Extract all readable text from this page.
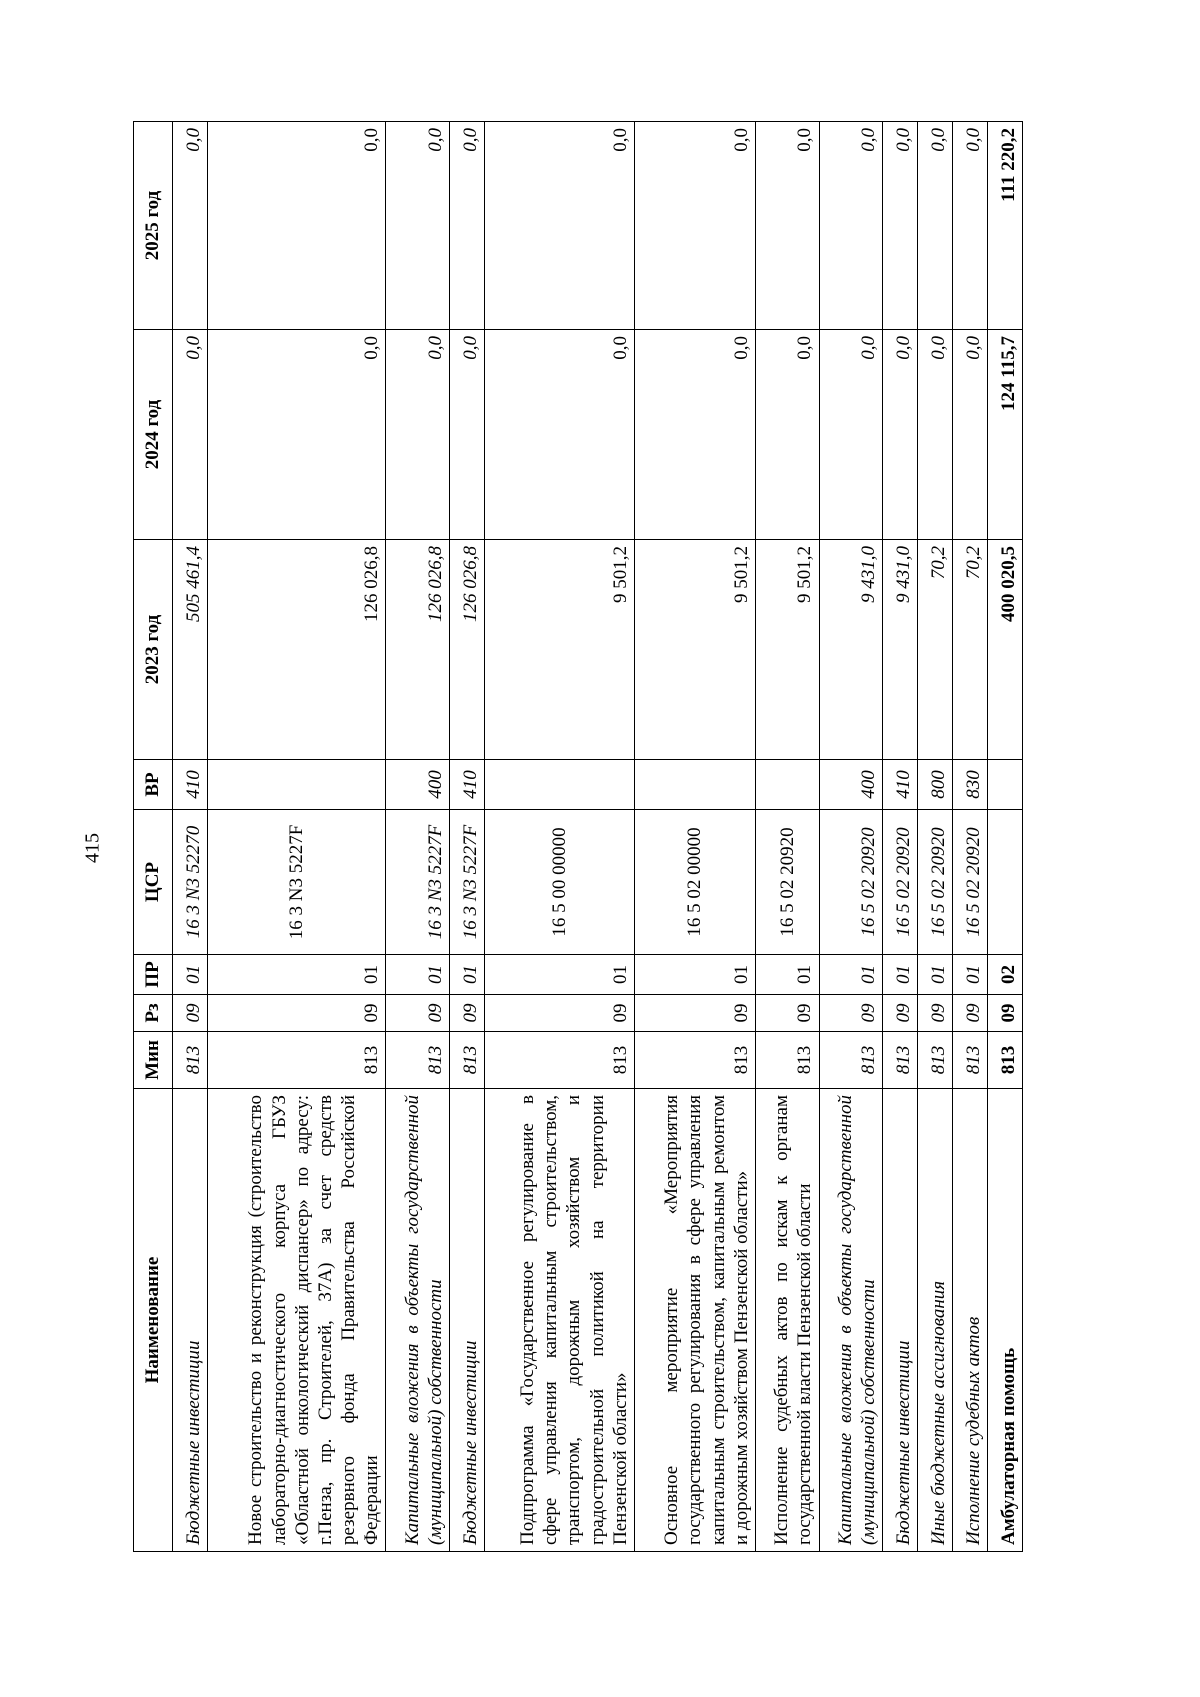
415
Наименование	Мин	Рз	ПР	ЦСР	ВР	2023 год	2024 год	2025 год
Бюджетные инвестиции	813	09	01	16 3 N3 52270	410	505 461,4	0,0	0,0
Новое строительство и реконструкция (строительство лабораторно-диагностического корпуса ГБУЗ «Областной онкологический диспансер» по адресу: г.Пенза, пр. Строителей, 37А) за счет средств резервного фонда Правительства Российской Федерации	813	09	01	16 3 N3 5227F		126 026,8	0,0	0,0
Капитальные вложения в объекты государственной (муниципальной) собственности	813	09	01	16 3 N3 5227F	400	126 026,8	0,0	0,0
Бюджетные инвестиции	813	09	01	16 3 N3 5227F	410	126 026,8	0,0	0,0
Подпрограмма «Государственное регулирование в сфере управления капитальным строительством, транспортом, дорожным хозяйством и градостроительной политикой на территории Пензенской области»	813	09	01	16 5 00 00000		9 501,2	0,0	0,0
Основное мероприятие «Мероприятия государственного регулирования в сфере управления капитальным строительством, капитальным ремонтом и дорожным хозяйством Пензенской области»	813	09	01	16 5 02 00000		9 501,2	0,0	0,0
Исполнение судебных актов по искам к органам государственной власти Пензенской области	813	09	01	16 5 02 20920		9 501,2	0,0	0,0
Капитальные вложения в объекты государственной (муниципальной) собственности	813	09	01	16 5 02 20920	400	9 431,0	0,0	0,0
Бюджетные инвестиции	813	09	01	16 5 02 20920	410	9 431,0	0,0	0,0
Иные бюджетные ассигнования	813	09	01	16 5 02 20920	800	70,2	0,0	0,0
Исполнение судебных актов	813	09	01	16 5 02 20920	830	70,2	0,0	0,0
Амбулаторная помощь	813	09	02			400 020,5	124 115,7	111 220,2
